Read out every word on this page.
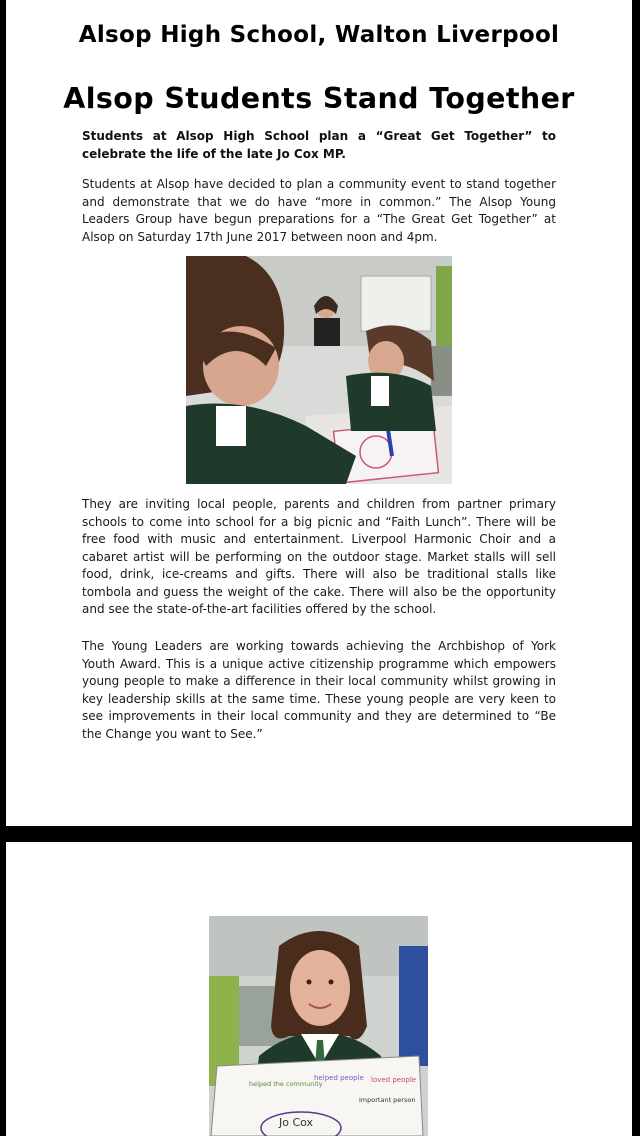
Alsop High School, Walton Liverpool
Alsop Students Stand Together
Students at Alsop High School plan a “Great Get Together” to celebrate the life of the late Jo Cox MP.

Students at Alsop have decided to plan a community event to stand together and demonstrate that we do have “more in common.” The Alsop Young Leaders Group have begun preparations for a “The Great Get Together” at Alsop on Saturday 17th June 2017 between noon and 4pm.

They are inviting local people, parents and children from partner primary schools to come into school for a big picnic and “Faith Lunch”. There will be free food with music and entertainment. Liverpool Harmonic Choir and a cabaret artist will be performing on the outdoor stage. Market stalls will sell food, drink, ice-creams and gifts. There will also be traditional stalls like tombola and guess the weight of the cake. There will also be the opportunity and see the state-of-the-art facilities offered by the school.

The Young Leaders are working towards achieving the Archbishop of York Youth Award. This is a unique active citizenship programme which empowers young people to make a difference in their local community whilst growing in key leadership skills at the same time. These young people are very keen to see improvements in their local community and they are determined to “Be the Change you want to See.”

Jo Cox
helped people loved people
helped the community
important person
